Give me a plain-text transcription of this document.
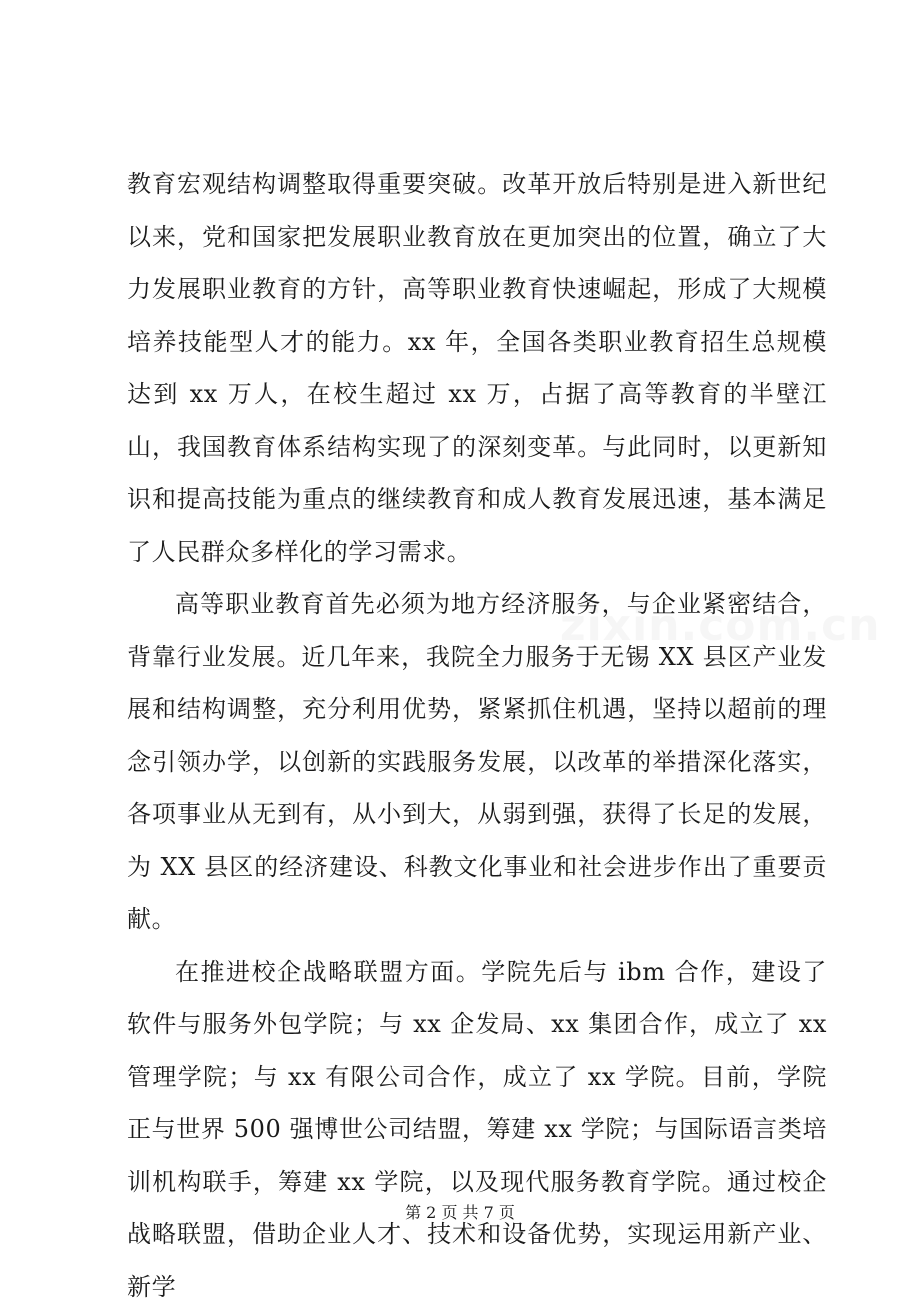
教育宏观结构调整取得重要突破。改革开放后特别是进入新世纪以来，党和国家把发展职业教育放在更加突出的位置，确立了大力发展职业教育的方针，高等职业教育快速崛起，形成了大规模培养技能型人才的能力。xx 年，全国各类职业教育招生总规模达到 xx 万人，在校生超过 xx 万，占据了高等教育的半壁江山，我国教育体系结构实现了的深刻变革。与此同时，以更新知识和提高技能为重点的继续教育和成人教育发展迅速，基本满足了人民群众多样化的学习需求。

高等职业教育首先必须为地方经济服务，与企业紧密结合，背靠行业发展。近几年来，我院全力服务于无锡 XX 县区产业发展和结构调整，充分利用优势，紧紧抓住机遇，坚持以超前的理念引领办学，以创新的实践服务发展，以改革的举措深化落实，各项事业从无到有，从小到大，从弱到强，获得了长足的发展，为 XX 县区的经济建设、科教文化事业和社会进步作出了重要贡献。

在推进校企战略联盟方面。学院先后与 ibm 合作，建设了软件与服务外包学院；与 xx 企发局、xx 集团合作，成立了 xx 管理学院；与 xx 有限公司合作，成立了 xx 学院。目前，学院正与世界 500 强博世公司结盟，筹建 xx 学院；与国际语言类培训机构联手，筹建 xx 学院，以及现代服务教育学院。通过校企战略联盟，借助企业人才、技术和设备优势，实现运用新产业、新学

zixin.com.cn
第 2 页 共 7 页
